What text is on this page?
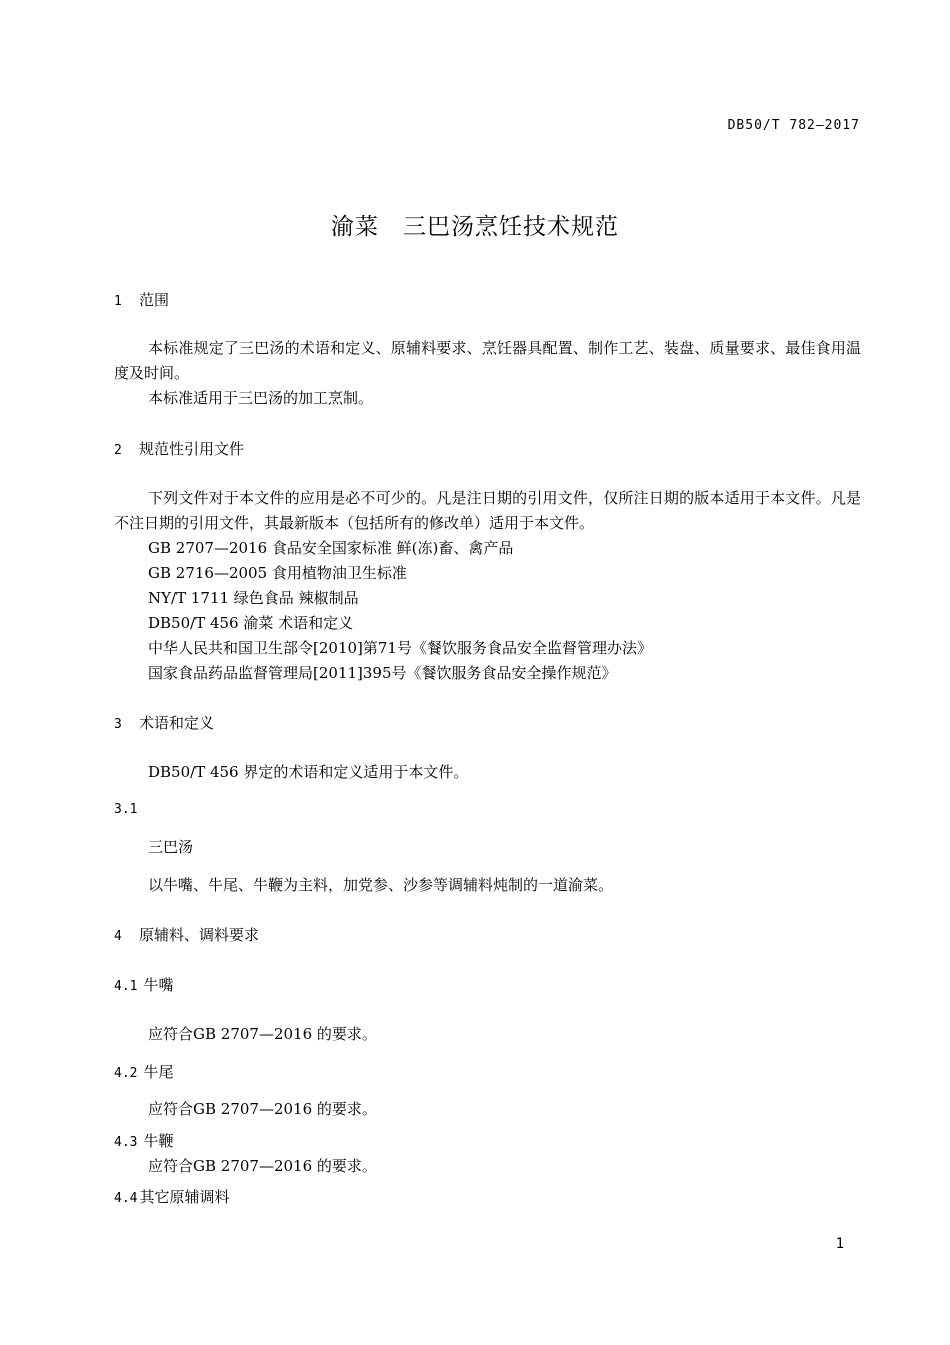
DB50/T 782—2017
渝菜　三巴汤烹饪技术规范
1 范围
本标准规定了三巴汤的术语和定义、原辅料要求、烹饪器具配置、制作工艺、装盘、质量要求、最佳食用温度及时间。
本标准适用于三巴汤的加工烹制。
2 规范性引用文件
下列文件对于本文件的应用是必不可少的。凡是注日期的引用文件，仅所注日期的版本适用于本文件。凡是不注日期的引用文件，其最新版本（包括所有的修改单）适用于本文件。
GB 2707—2016 食品安全国家标准 鲜(冻)畜、禽产品
GB 2716—2005 食用植物油卫生标准
NY/T 1711 绿色食品 辣椒制品
DB50/T 456 渝菜 术语和定义
中华人民共和国卫生部令[2010]第71号《餐饮服务食品安全监督管理办法》
国家食品药品监督管理局[2011]395号《餐饮服务食品安全操作规范》
3 术语和定义
DB50/T 456 界定的术语和定义适用于本文件。
3.1
三巴汤
以牛嘴、牛尾、牛鞭为主料，加党参、沙参等调辅料炖制的一道渝菜。
4 原辅料、调料要求
4.1 牛嘴
应符合GB 2707—2016 的要求。
4.2 牛尾
应符合GB 2707—2016 的要求。
4.3 牛鞭
应符合GB 2707—2016 的要求。
4.4 其它原辅调料
1
